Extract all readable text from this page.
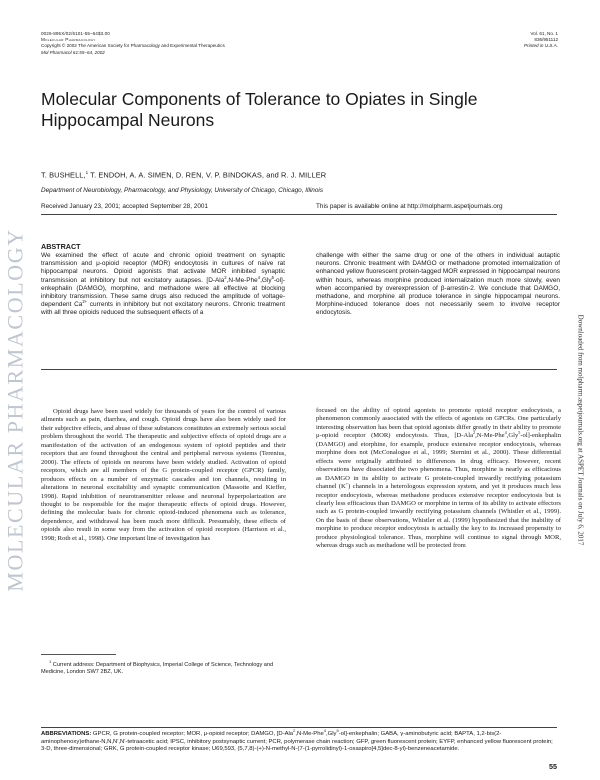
0026-895X/02/6101-55–64$3.00
Molecular Pharmacology
Copyright © 2002 The American Society for Pharmacology and Experimental Therapeutics
Mol Pharmacol 61:55–64, 2002
Vol. 61, No. 1
836/951112
Printed in U.S.A.
MOLECULAR PHARMACOLOGY	Downloaded from molpharm.aspetjournals.org at ASPET Journals on July 6, 2017
Molecular Components of Tolerance to Opiates in Single
Hippocampal Neurons
T. BUSHELL,$^1$ T. ENDOH, A. A. SIMEN, D. REN, V. P. BINDOKAS, and R. J. MILLER
Department of Neurobiology, Pharmacology, and Physiology, University of Chicago, Chicago, Illinois
Received January 23, 2001; accepted September 28, 2001	This paper is available online at http://molpharm.aspetjournals.org
ABSTRACT
We examined the effect of acute and chronic opioid treatment on synaptic transmission and μ-opioid receptor (MOR) endocytosis in cultures of naïve rat hippocampal neurons. Opioid agonists that activate MOR inhibited synaptic transmission at inhibitory but not excitatory autapses. [D-Ala$^2$,N-Me-Phe$^4$,Gly$^5$-ol]-enkephalin (DAMGO), morphine, and methadone were all effective at blocking inhibitory transmission. These same drugs also reduced the amplitude of voltage-dependent $Ca^{2+}$ currents in inhibitory but not excitatory neurons. Chronic treatment with all three opioids reduced the subsequent effects of a
challenge with either the same drug or one of the others in individual autaptic neurons. Chronic treatment with DAMGO or methadone promoted internalization of enhanced yellow fluorescent protein-tagged MOR expressed in hippocampal neurons within hours, whereas morphine produced internalization much more slowly, even when accompanied by overexpression of β-arrestin-2. We conclude that DAMGO, methadone, and morphine all produce tolerance in single hippocampal neurons. Morphine-induced tolerance does not necessarily seem to involve receptor endocytosis.
Opioid drugs have been used widely for thousands of years for the control of various ailments such as pain, diarrhea, and cough. Opioid drugs have also been widely used for their subjective effects, and abuse of these substances constitutes an extremely serious social problem throughout the world. The therapeutic and subjective effects of opioid drugs are a manifestation of the activation of an endogenous system of opioid peptides and their receptors that are found throughout the central and peripheral nervous systems (Terenius, 2000). The effects of opioids on neurons have been widely studied. Activation of opioid receptors, which are all members of the G protein-coupled receptor (GPCR) family, produces effects on a number of enzymatic cascades and ion channels, resulting in alterations in neuronal excitability and synaptic communication (Massotte and Kieffer, 1998). Rapid inhibition of neurotransmitter release and neuronal hyperpolarization are thought to be responsible for the major therapeutic effects of opioid drugs. However, defining the molecular basis for chronic opioid-induced phenomena such as tolerance, dependence, and withdrawal has been much more difficult. Presumably, these effects of opioids also result in some way from the activation of opioid receptors (Harrison et al., 1998; Roth et al., 1998). One important line of investigation has
focused on the ability of opioid agonists to promote opioid receptor endocytosis, a phenomenon commonly associated with the effects of agonists on GPCRs. One particularly interesting observation has been that opioid agonists differ greatly in their ability to promote μ-opioid receptor (MOR) endocytosis. Thus, [D-Ala$^2$,N-Me-Phe$^4$,Gly$^5$-ol]-enkephalin (DAMGO) and etorphine, for example, produce extensive receptor endocytosis, whereas morphine does not (McConalogue et al., 1999; Sternini et al., 2000). These differential effects were originally attributed to differences in drug efficacy. However, recent observations have dissociated the two phenomena. Thus, morphine is nearly as efficacious as DAMGO in its ability to activate G protein-coupled inwardly rectifying potassium channel (K+) channels in a heterologous expression system, and yet it produces much less receptor endocytosis, whereas methadone produces extensive receptor endocytosis but is clearly less efficacious than DAMGO or morphine in terms of its ability to activate effectors such as G protein-coupled inwardly rectifying potassium channels (Whistler et al., 1999). On the basis of these observations, Whistler et al. (1999) hypothesized that the inability of morphine to produce receptor endocytosis is actually the key to its increased propensity to produce physiological tolerance. Thus, morphine will continue to signal through MOR, whereas drugs such as methadone will be protected from
$^1$ Current address: Department of Biophysics, Imperial College of Science, Technology and Medicine, London SW7 2BZ, UK.
ABBREVIATIONS: GPCR, G protein-coupled receptor; MOR, μ-opioid receptor; DAMGO, [D-Ala$^2$,N-Me-Phe$^4$,Gly$^5$-ol]-enkephalin; GABA, γ-aminobutyric acid; BAPTA, 1,2-bis(2-aminophenoxy)ethane-N,N,N′,N′-tetraacetic acid; IPSC, inhibitory postsynaptic current; PCR, polymerase chain reaction; GFP, green fluorescent protein; EYFP, enhanced yellow fluorescent protein; 3-D, three-dimensional; GRK, G protein-coupled receptor kinase; U69,593, (5,7,8)-(+)-N-methyl-N-(7-(1-pyrrolidinyl)-1-oxaspiro[4,5]dec-8-yl)-benzeneacetamide.
55
